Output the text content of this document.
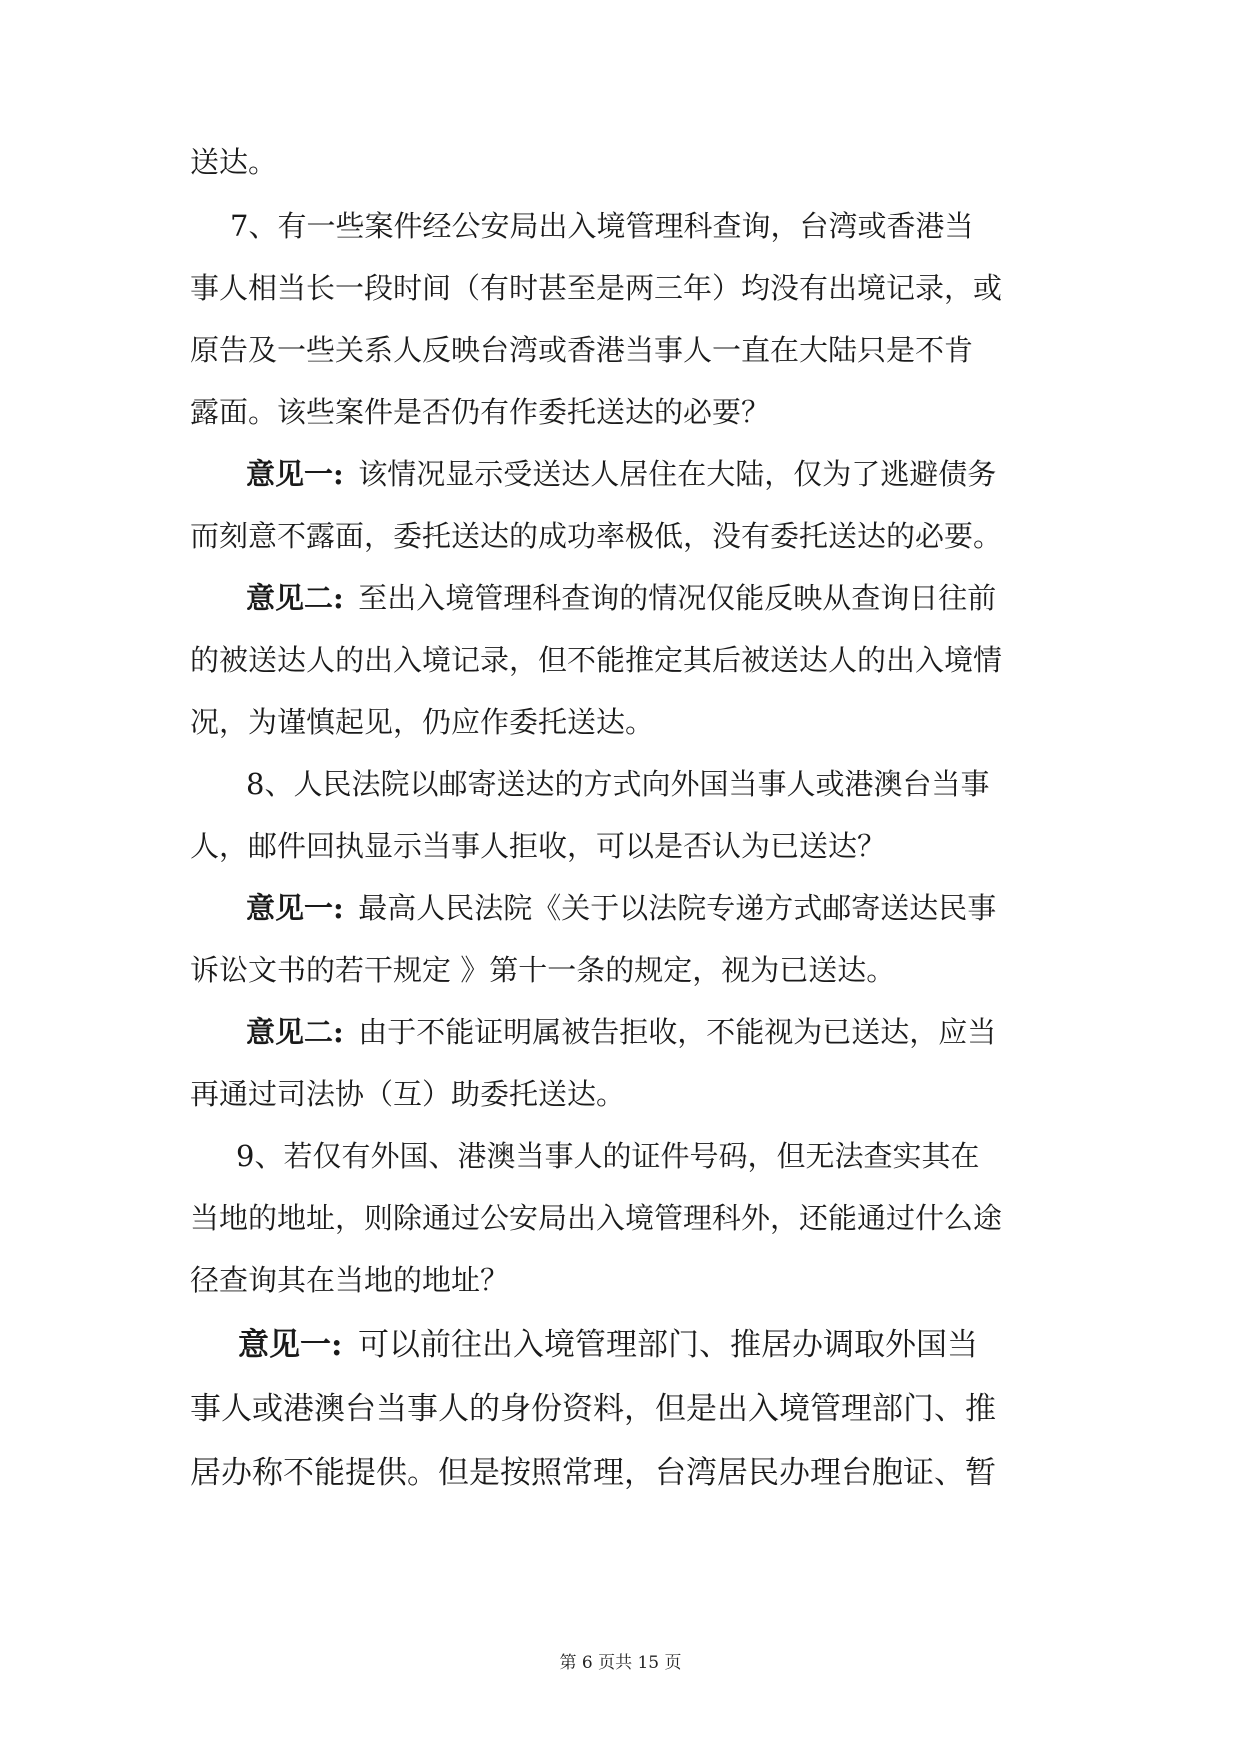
送达。
7、有一些案件经公安局出入境管理科查询，台湾或香港当
事人相当长一段时间（有时甚至是两三年）均没有出境记录，或
原告及一些关系人反映台湾或香港当事人一直在大陆只是不肯
露面。该些案件是否仍有作委托送达的必要？
意见一:  该情况显示受送达人居住在大陆，仅为了逃避债务
而刻意不露面，委托送达的成功率极低，没有委托送达的必要。
意见二:  至出入境管理科查询的情况仅能反映从查询日往前
的被送达人的出入境记录，但不能推定其后被送达人的出入境情
况，为谨慎起见，仍应作委托送达。
8、人民法院以邮寄送达的方式向外国当事人或港澳台当事
人，邮件回执显示当事人拒收，可以是否认为已送达？
意见一:  最高人民法院《关于以法院专递方式邮寄送达民事
诉讼文书的若干规定 》第十一条的规定，视为已送达。
意见二:  由于不能证明属被告拒收，不能视为已送达，应当
再通过司法协（互）助委托送达。
9、若仅有外国、港澳当事人的证件号码，但无法查实其在
当地的地址，则除通过公安局出入境管理科外，还能通过什么途
径查询其在当地的地址？
意见一:  可以前往出入境管理部门、推居办调取外国当
事人或港澳台当事人的身份资料，但是出入境管理部门、推
居办称不能提供。但是按照常理，台湾居民办理台胞证、暂
第 6 页共 15 页
